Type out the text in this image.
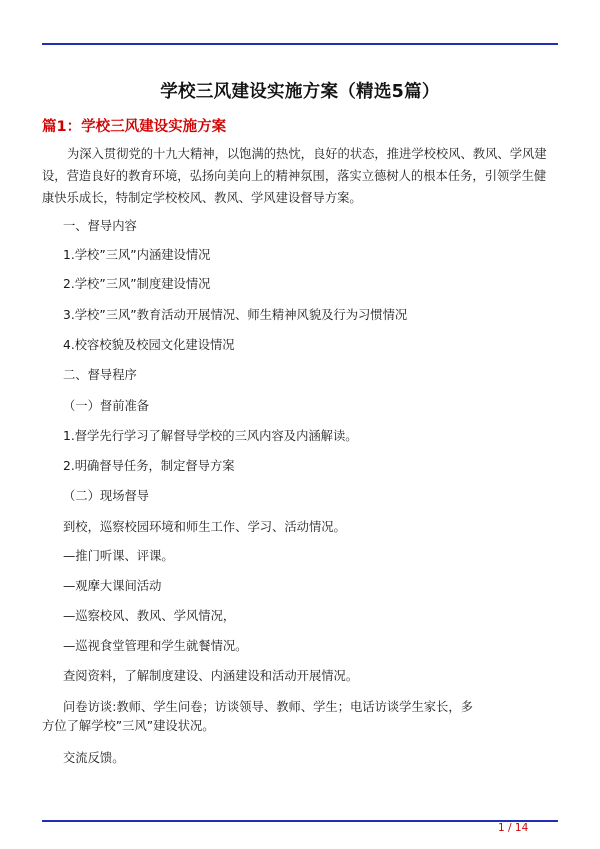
学校三风建设实施方案（精选5篇）
篇1：学校三风建设实施方案
为深入贯彻党的十九大精神，以饱满的热忱，良好的状态，推进学校校风、教风、学风建设，营造良好的教育环境，弘扬向美向上的精神氛围，落实立德树人的根本任务，引领学生健康快乐成长，特制定学校校风、教风、学风建设督导方案。
一、督导内容
1.学校”三风”内涵建设情况
2.学校”三风”制度建设情况
3.学校”三风”教育活动开展情况、师生精神风貌及行为习惯情况
4.校容校貌及校园文化建设情况
二、督导程序
（一）督前准备
1.督学先行学习了解督导学校的三风内容及内涵解读。
2.明确督导任务，制定督导方案
（二）现场督导
到校，巡察校园环境和师生工作、学习、活动情况。
—推门听课、评课。
—观摩大课间活动
—巡察校风、教风、学风情况，
—巡视食堂管理和学生就餐情况。
查阅资料，了解制度建设、内涵建设和活动开展情况。
问卷访谈:教师、学生问卷；访谈领导、教师、学生；电话访谈学生家长，多
方位了解学校”三风”建设状况。
交流反馈。
1 / 14
